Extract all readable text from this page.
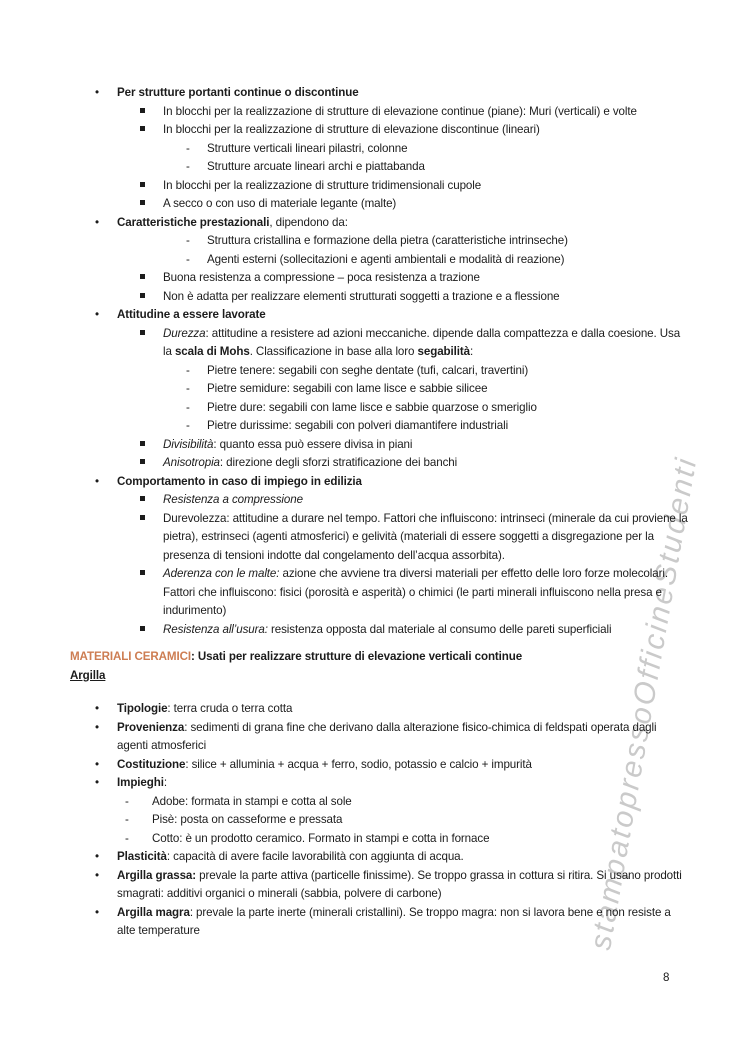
stampatopressoOfficineStudenti
•	Per strutture portanti continue o discontinue
In blocchi per la realizzazione di strutture di elevazione continue (piane): Muri (verticali) e volte
In blocchi per la realizzazione di strutture di elevazione discontinue (lineari)
-	Strutture verticali lineari pilastri, colonne
-	Strutture arcuate lineari archi e piattabanda
In blocchi per la realizzazione di strutture tridimensionali cupole
A secco o con uso di materiale legante (malte)
•	Caratteristiche prestazionali, dipendono da:
-	Struttura cristallina e formazione della pietra (caratteristiche intrinseche)
-	Agenti esterni (sollecitazioni e agenti ambientali e modalità di reazione)
Buona resistenza a compressione – poca resistenza a trazione
Non è adatta per realizzare elementi strutturati soggetti a trazione e a flessione
•	Attitudine a essere lavorate
Durezza: attitudine a resistere ad azioni meccaniche. dipende dalla compattezza e dalla coesione. Usa la scala di Mohs. Classificazione in base alla loro segabilità:
-	Pietre tenere: segabili con seghe dentate (tufi, calcari, travertini)
-	Pietre semidure: segabili con lame lisce e sabbie silicee
-	Pietre dure: segabili con lame lisce e sabbie quarzose o smeriglio
-	Pietre durissime: segabili con polveri diamantifere industriali
Divisibilità: quanto essa può essere divisa in piani
Anisotropia: direzione degli sforzi stratificazione dei banchi
•	Comportamento in caso di impiego in edilizia
Resistenza a compressione
Durevolezza: attitudine a durare nel tempo. Fattori che influiscono: intrinseci (minerale da cui proviene la pietra), estrinseci (agenti atmosferici) e gelività (materiali di essere soggetti a disgregazione per la presenza di tensioni indotte dal congelamento dell’acqua assorbita).
Aderenza con le malte: azione che avviene tra diversi materiali per effetto delle loro forze molecolari. Fattori che influiscono: fisici (porosità e asperità) o chimici (le parti minerali influiscono nella presa e indurimento)
Resistenza all’usura: resistenza opposta dal materiale al consumo delle pareti superficiali
MATERIALI CERAMICI: Usati per realizzare strutture di elevazione verticali continue
Argilla
•	Tipologie: terra cruda o terra cotta
•	Provenienza: sedimenti di grana fine che derivano dalla alterazione fisico-chimica di feldspati operata dagli agenti atmosferici
•	Costituzione: silice + alluminia + acqua + ferro, sodio, potassio e calcio + impurità
•	Impieghi:
-	Adobe: formata in stampi e cotta al sole
-	Pisè: posta on casseforme e pressata
-	Cotto: è un prodotto ceramico. Formato in stampi e cotta in fornace
•	Plasticità: capacità di avere facile lavorabilità con aggiunta di acqua.
•	Argilla grassa: prevale la parte attiva (particelle finissime). Se troppo grassa in cottura si ritira. Si usano prodotti smagrati: additivi organici o minerali (sabbia, polvere di carbone)
•	Argilla magra: prevale la parte inerte (minerali cristallini). Se troppo magra: non si lavora bene e non resiste a alte temperature
8
